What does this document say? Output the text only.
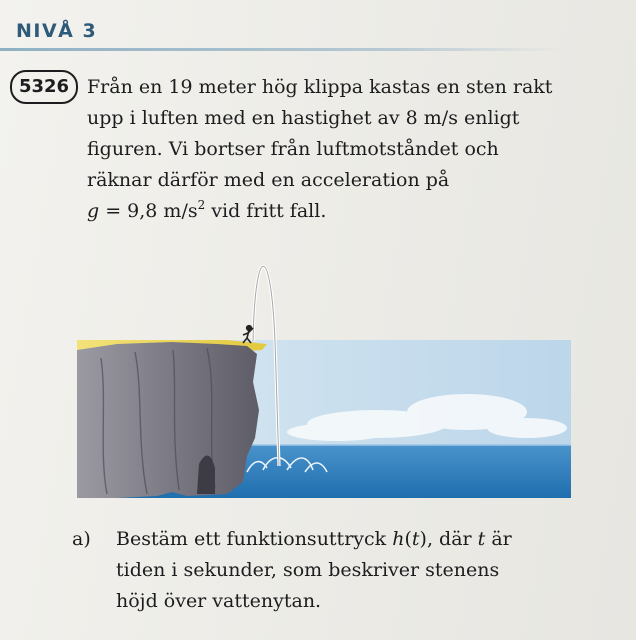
NIVÅ 3
5326 Från en 19 meter hög klippa kastas en sten rakt
upp i luften med en hastighet av 8 m/s enligt
figuren. Vi bortser från luftmotståndet och
räknar därför med en acceleration på
g = 9,8 $m/s^2$ vid fritt fall.
a) Bestäm ett funktionsuttryck h(t), där t är
tiden i sekunder, som beskriver stenens
höjd över vattenytan.
